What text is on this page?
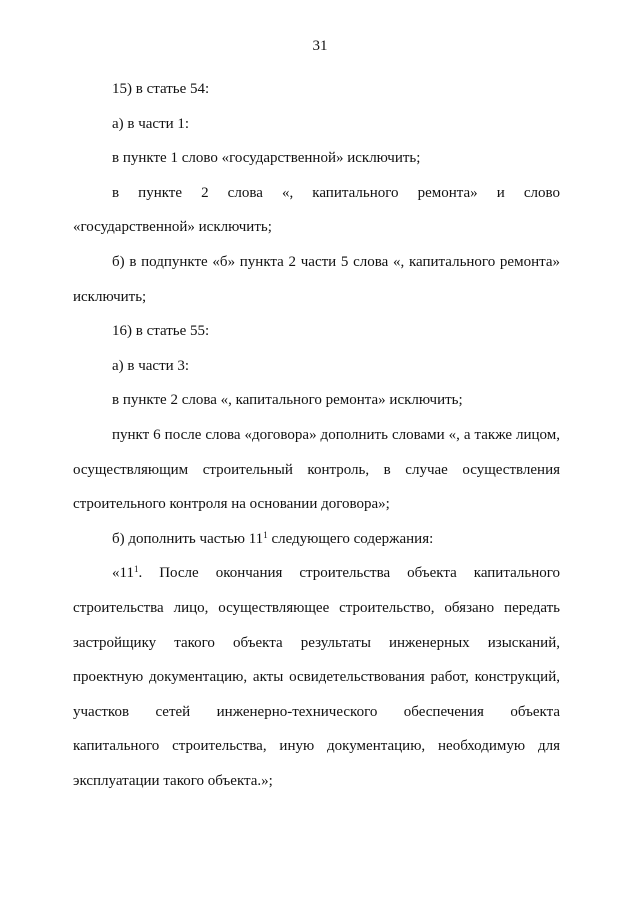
31
15) в статье 54:
а) в части 1:
в пункте 1 слово «государственной» исключить;
в пункте 2 слова «, капитального ремонта» и слово
«государственной» исключить;
б) в подпункте «б» пункта 2 части 5 слова «, капитального ремонта»
исключить;
16) в статье 55:
а) в части 3:
в пункте 2 слова «, капитального ремонта» исключить;
пункт 6 после слова «договора» дополнить словами «, а также лицом,
осуществляющим строительный контроль, в случае осуществления
строительного контроля на основании договора»;
б) дополнить частью $11^1$ следующего содержания:
«$11^1$. После окончания строительства объекта капитального
строительства лицо, осуществляющее строительство, обязано передать
застройщику такого объекта результаты инженерных изысканий,
проектную документацию, акты освидетельствования работ, конструкций,
участков сетей инженерно-технического обеспечения объекта
капитального строительства, иную документацию, необходимую для
эксплуатации такого объекта.»;
